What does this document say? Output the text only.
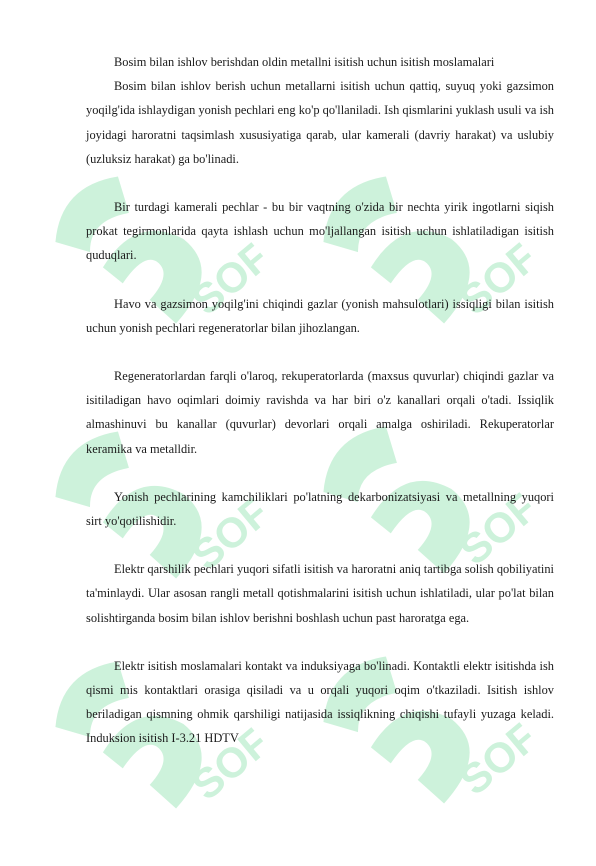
SOFF	SOFF
SOFF	SOFF
SOFF	SOFF

Bosim bilan ishlov berishdan oldin metallni isitish uchun isitish moslamalari

Bosim bilan ishlov berish uchun metallarni isitish uchun qattiq, suyuq yoki gazsimon yoqilg'ida ishlaydigan yonish pechlari eng ko'p qo'llaniladi. Ish qismlarini yuklash usuli va ish joyidagi haroratni taqsimlash xususiyatiga qarab, ular kamerali (davriy harakat) va uslubiy (uzluksiz harakat) ga bo'linadi.

Bir turdagi kamerali pechlar - bu bir vaqtning o'zida bir nechta yirik ingotlarni siqish prokat tegirmonlarida qayta ishlash uchun mo'ljallangan isitish uchun ishlatiladigan isitish quduqlari.

Havo va gazsimon yoqilg'ini chiqindi gazlar (yonish mahsulotlari) issiqligi bilan isitish uchun yonish pechlari regeneratorlar bilan jihozlangan.

Regeneratorlardan farqli o'laroq, rekuperatorlarda (maxsus quvurlar) chiqindi gazlar va isitiladigan havo oqimlari doimiy ravishda va har biri o'z kanallari orqali o'tadi. Issiqlik almashinuvi bu kanallar (quvurlar) devorlari orqali amalga oshiriladi. Rekuperatorlar keramika va metalldir.

Yonish pechlarining kamchiliklari po'latning dekarbonizatsiyasi va metallning yuqori sirt yo'qotilishidir.

Elektr qarshilik pechlari yuqori sifatli isitish va haroratni aniq tartibga solish qobiliyatini ta'minlaydi. Ular asosan rangli metall qotishmalarini isitish uchun ishlatiladi, ular po'lat bilan solishtirganda bosim bilan ishlov berishni boshlash uchun past haroratga ega.

Elektr isitish moslamalari kontakt va induksiyaga bo'linadi. Kontaktli elektr isitishda ish qismi mis kontaktlari orasiga qisiladi va u orqali yuqori oqim o'tkaziladi. Isitish ishlov beriladigan qismning ohmik qarshiligi natijasida issiqlikning chiqishi tufayli yuzaga keladi. Induksion isitish I-3.21 HDTV
